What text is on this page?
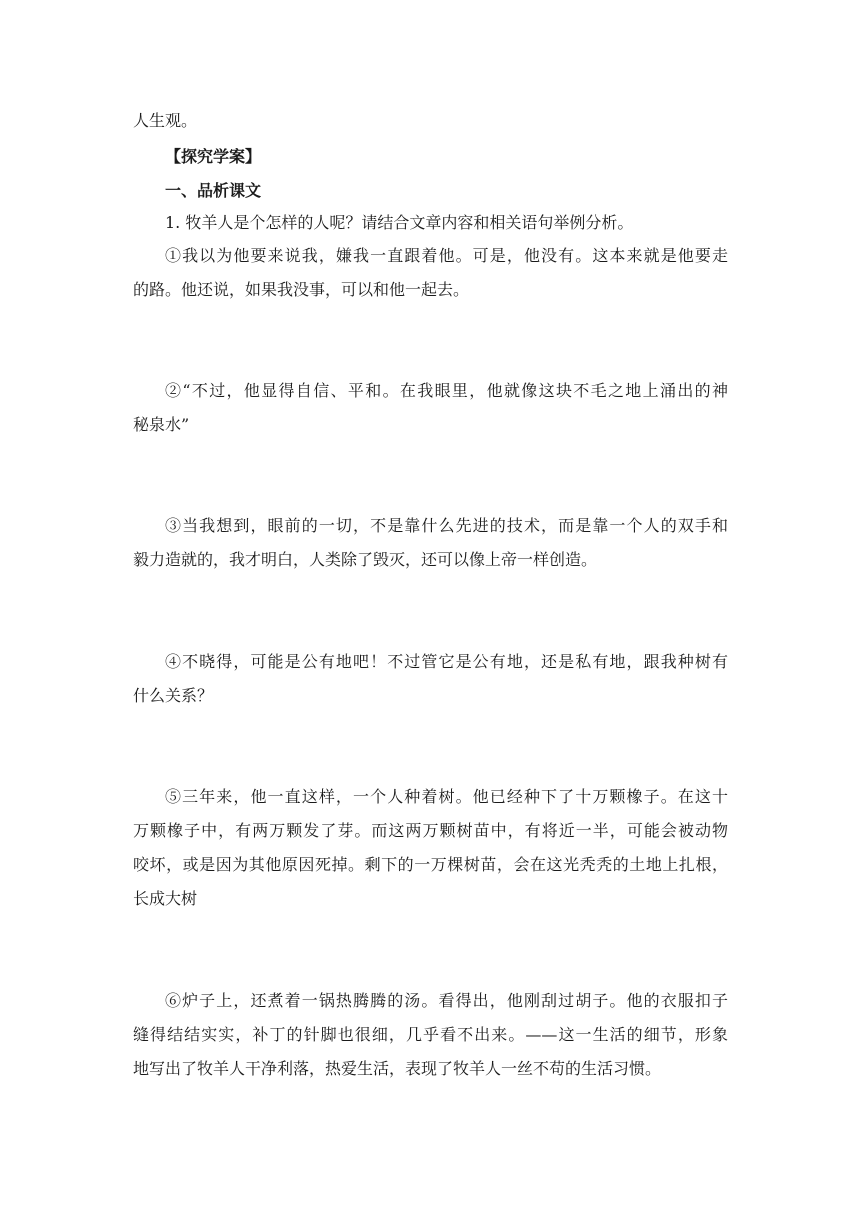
人生观。

【探究学案】

一、品析课文

1. 牧羊人是个怎样的人呢？请结合文章内容和相关语句举例分析。

①我以为他要来说我，嫌我一直跟着他。可是，他没有。这本来就是他要走

的路。他还说，如果我没事，可以和他一起去。

②“不过，他显得自信、平和。在我眼里，他就像这块不毛之地上涌出的神

秘泉水”

③当我想到，眼前的一切，不是靠什么先进的技术，而是靠一个人的双手和

毅力造就的，我才明白，人类除了毁灭，还可以像上帝一样创造。

④不晓得，可能是公有地吧！不过管它是公有地，还是私有地，跟我种树有

什么关系？

⑤三年来，他一直这样，一个人种着树。他已经种下了十万颗橡子。在这十

万颗橡子中，有两万颗发了芽。而这两万颗树苗中，有将近一半，可能会被动物

咬坏，或是因为其他原因死掉。剩下的一万棵树苗，会在这光秃秃的土地上扎根，

长成大树

⑥炉子上，还煮着一锅热腾腾的汤。看得出，他刚刮过胡子。他的衣服扣子

缝得结结实实，补丁的针脚也很细，几乎看不出来。——这一生活的细节，形象

地写出了牧羊人干净利落，热爱生活，表现了牧羊人一丝不苟的生活习惯。
